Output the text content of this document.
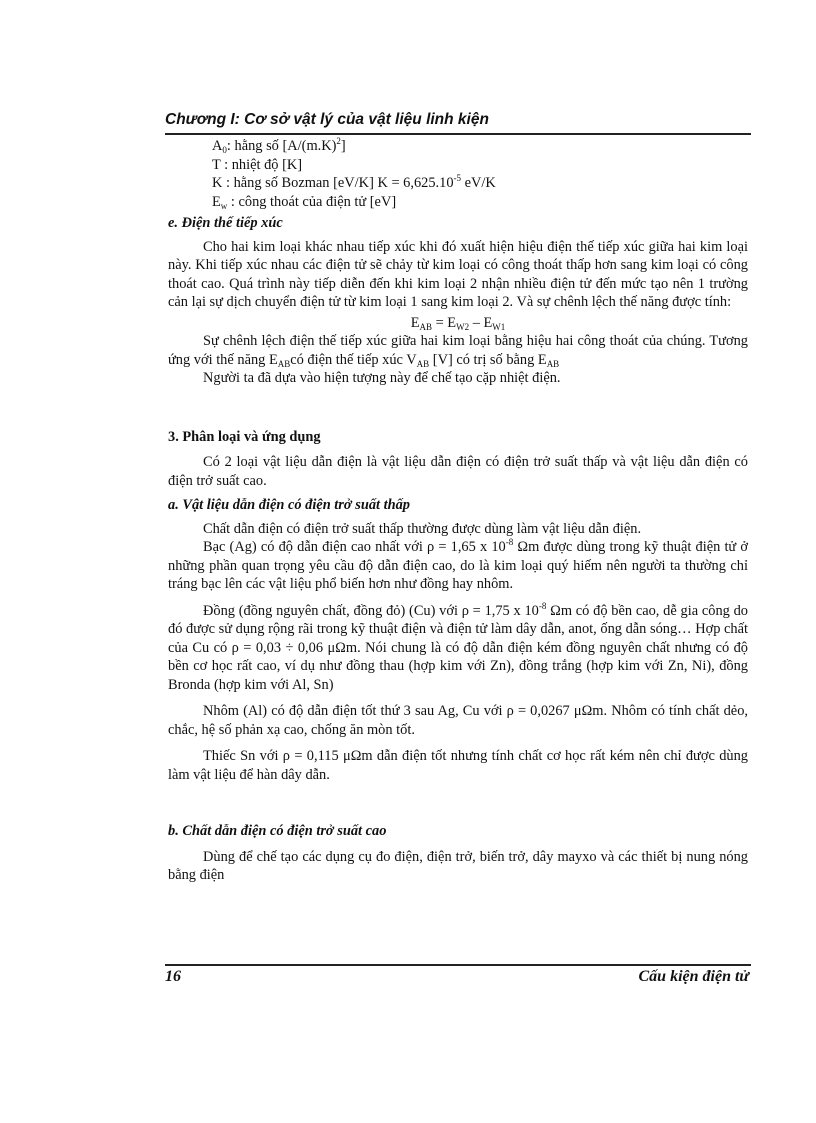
Chương I: Cơ sở vật lý của vật liệu linh kiện
$A_0$: hằng số $[A/(m.K)^2]$
T : nhiệt độ [K]
K : hằng số Bozman [eV/K] $K = 6,625.10^{-5}$ eV/K
$E_w$ : công thoát của điện tử [eV]

e. Điện thế tiếp xúc

Cho hai kim loại khác nhau tiếp xúc khi đó xuất hiện hiệu điện thế tiếp xúc giữa hai kim loại này. Khi tiếp xúc nhau các điện tử sẽ chảy từ kim loại có công thoát thấp hơn sang kim loại có công thoát cao. Quá trình này tiếp diễn đến khi kim loại 2 nhận nhiều điện tử đến mức tạo nên 1 trường cản lại sự dịch chuyển điện tử từ kim loại 1 sang kim loại 2. Và sự chênh lệch thế năng được tính:

$E_{AB} = E_{W2} - E_{W1}$

Sự chênh lệch điện thế tiếp xúc giữa hai kim loại bằng hiệu hai công thoát của chúng. Tương ứng với thế năng $E_{AB}có$ điện thế tiếp xúc $V_{AB}$ [V] có trị số bằng $E_{AB}$

Người ta đã dựa vào hiện tượng này để chế tạo cặp nhiệt điện.

3. Phân loại và ứng dụng

Có 2 loại vật liệu dẫn điện là vật liệu dẫn điện có điện trở suất thấp và vật liệu dẫn điện có điện trở suất cao.

a. Vật liệu dẫn điện có điện trở suất thấp

Chất dẫn điện có điện trở suất thấp thường được dùng làm vật liệu dẫn điện.

Bạc (Ag) có độ dẫn điện cao nhất với ρ = 1,65 x $10^{-8}$ Ωm được dùng trong kỹ thuật điện tử ở những phần quan trọng yêu cầu độ dẫn điện cao, do là kim loại quý hiếm nên người ta thường chỉ tráng bạc lên các vật liệu phổ biến hơn như đồng hay nhôm.

Đồng (đồng nguyên chất, đồng đỏ) (Cu) với ρ = 1,75 x $10^{-8}$ Ωm có độ bền cao, dễ gia công do đó được sử dụng rộng rãi trong kỹ thuật điện và điện tử làm dây dẫn, anot, ống dẫn sóng… Hợp chất của Cu có ρ = 0,03 ÷ 0,06 μΩm. Nói chung là có độ dẫn điện kém đồng nguyên chất nhưng có độ bền cơ học rất cao, ví dụ như đồng thau (hợp kim với Zn), đồng trắng (hợp kim với Zn, Ni), đồng Bronda (hợp kim với Al, Sn)

Nhôm (Al) có độ dẫn điện tốt thứ 3 sau Ag, Cu với ρ = 0,0267 μΩm. Nhôm có tính chất dẻo, chắc, hệ số phản xạ cao, chống ăn mòn tốt.

Thiếc Sn với ρ = 0,115 μΩm dẫn điện tốt nhưng tính chất cơ học rất kém nên chỉ được dùng làm vật liệu để hàn dây dẫn.

b. Chất dẫn điện có điện trở suất cao

Dùng để chế tạo các dụng cụ đo điện, điện trở, biến trở, dây mayxo và các thiết bị nung nóng bằng điện

16	Cấu kiện điện tử
